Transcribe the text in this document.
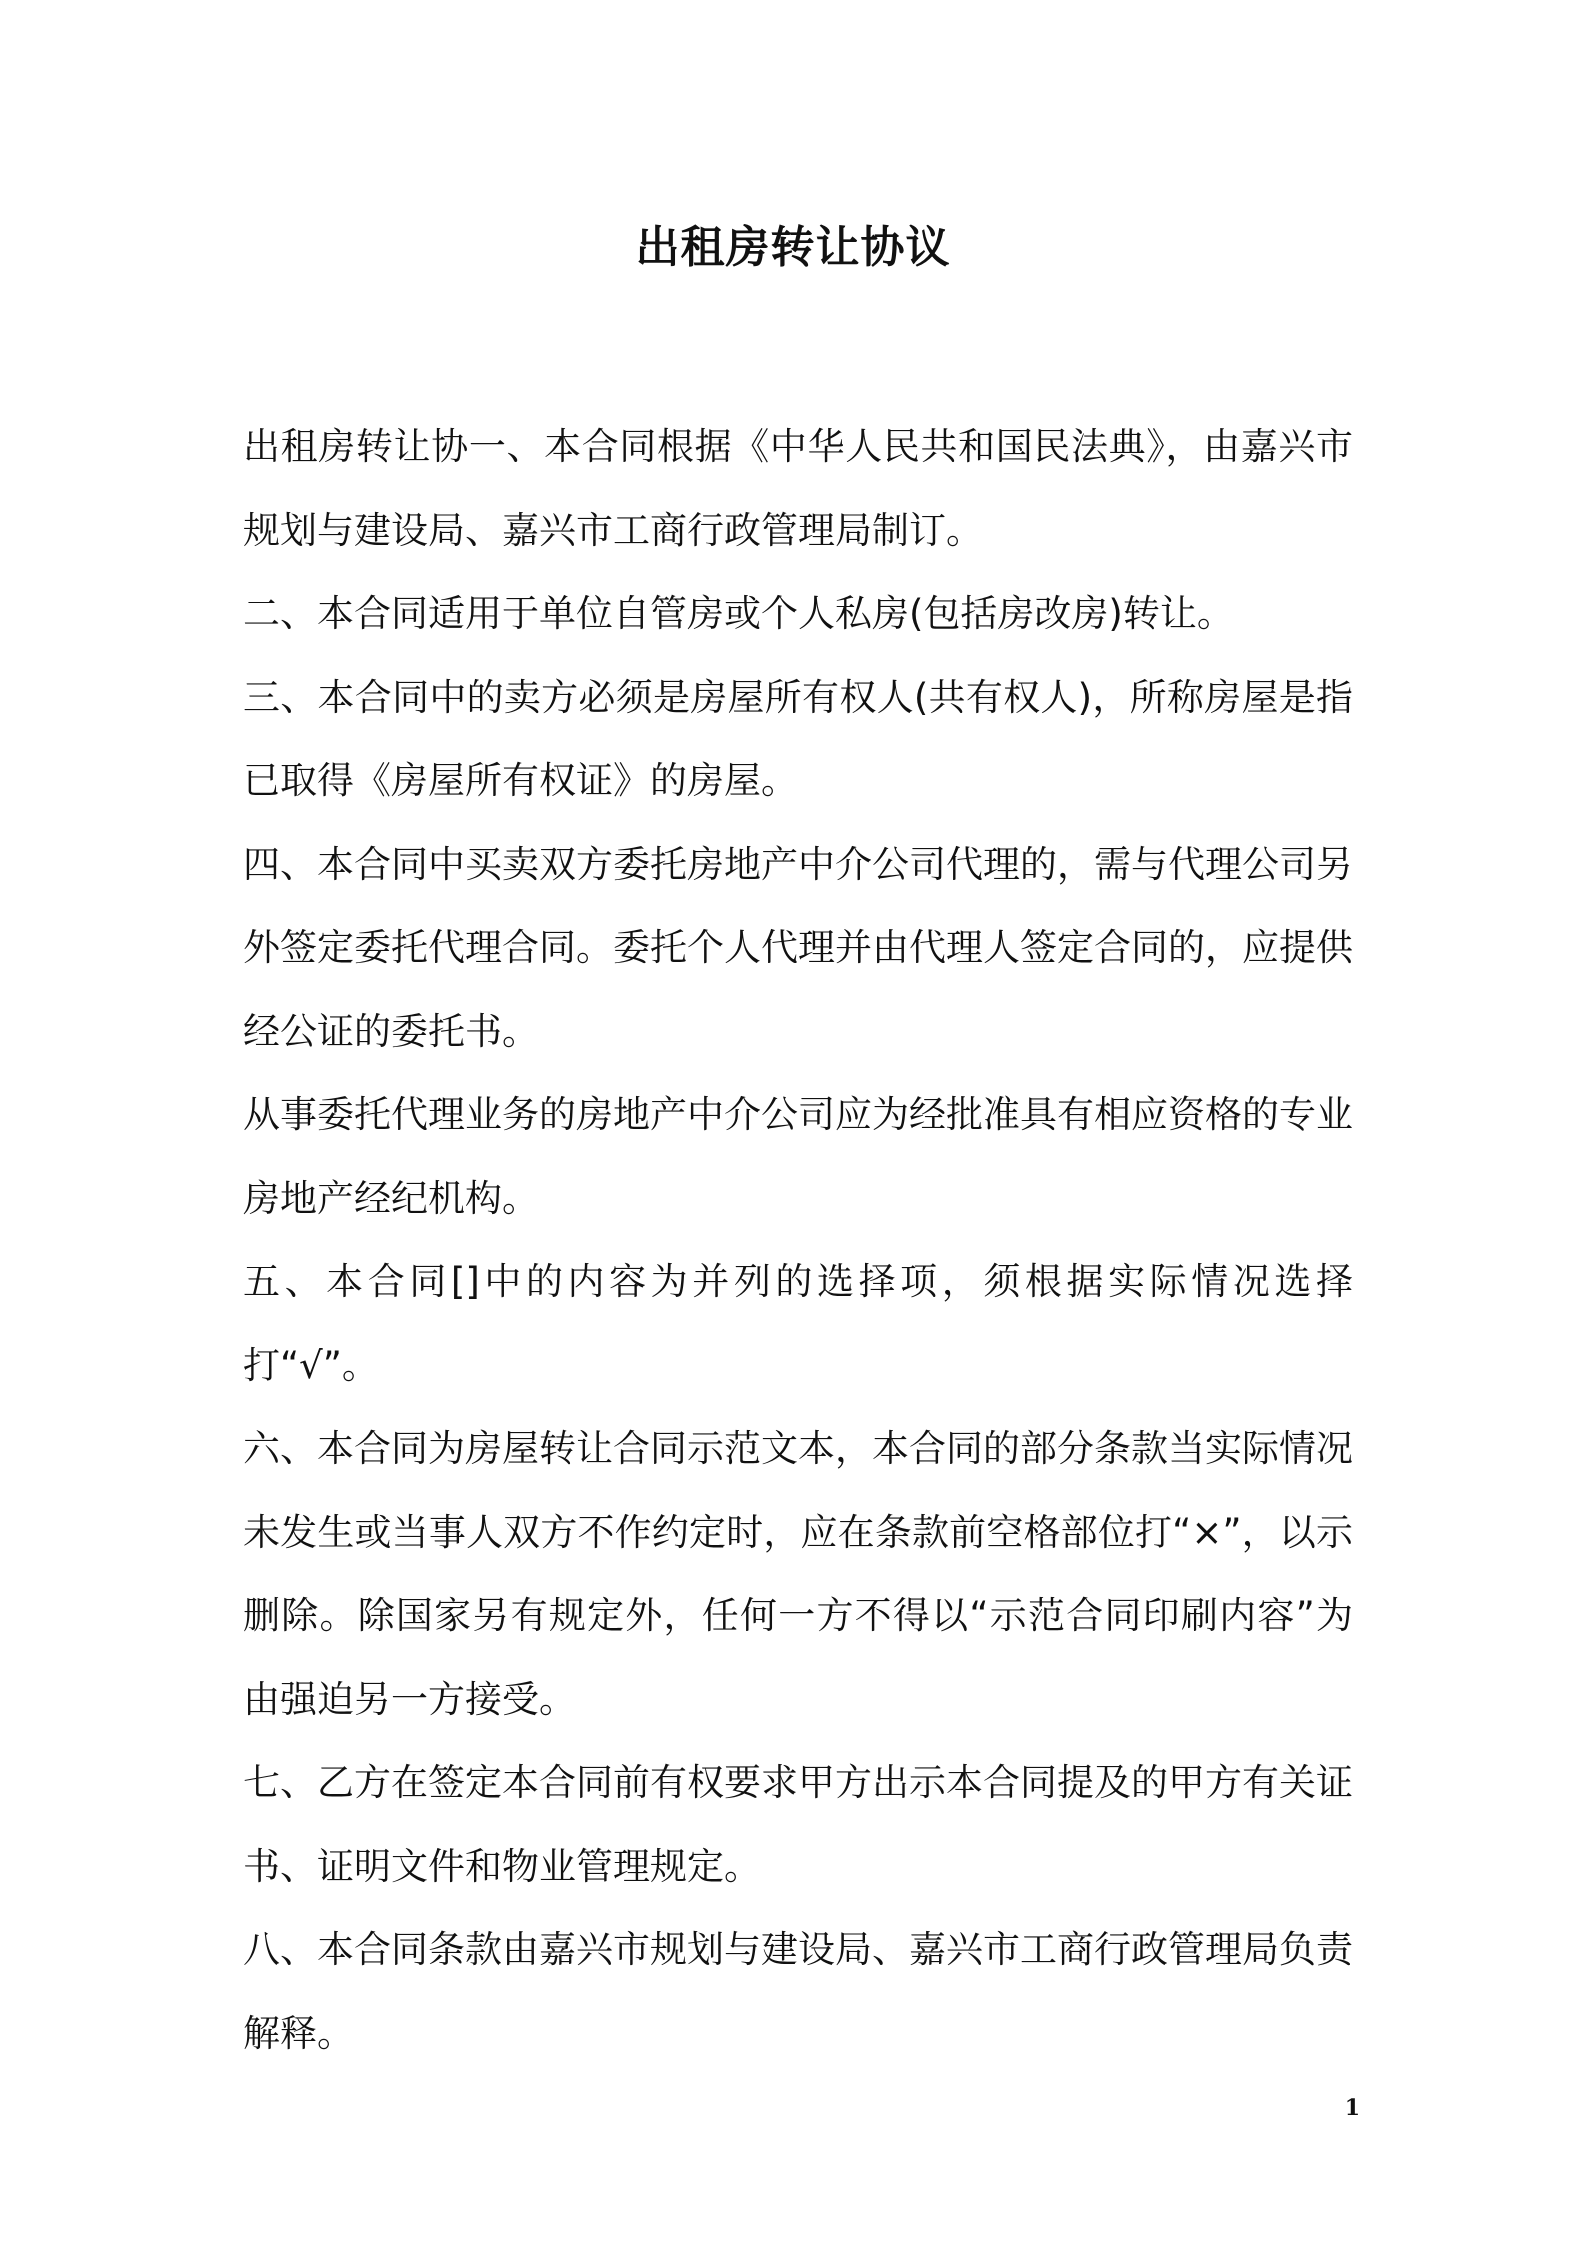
出租房转让协议

出租房转让协一、本合同根据《中华人民共和国民法典》，由嘉兴市规划与建设局、嘉兴市工商行政管理局制订。

二、本合同适用于单位自管房或个人私房(包括房改房)转让。

三、本合同中的卖方必须是房屋所有权人(共有权人)，所称房屋是指已取得《房屋所有权证》的房屋。

四、本合同中买卖双方委托房地产中介公司代理的，需与代理公司另外签定委托代理合同。委托个人代理并由代理人签定合同的，应提供经公证的委托书。

从事委托代理业务的房地产中介公司应为经批准具有相应资格的专业房地产经纪机构。

五、本合同[]中的内容为并列的选择项，须根据实际情况选择打“√”。

六、本合同为房屋转让合同示范文本，本合同的部分条款当实际情况未发生或当事人双方不作约定时，应在条款前空格部位打“×”，以示删除。除国家另有规定外，任何一方不得以“示范合同印刷内容”为由强迫另一方接受。

七、乙方在签定本合同前有权要求甲方出示本合同提及的甲方有关证书、证明文件和物业管理规定。

八、本合同条款由嘉兴市规划与建设局、嘉兴市工商行政管理局负责解释。

1
